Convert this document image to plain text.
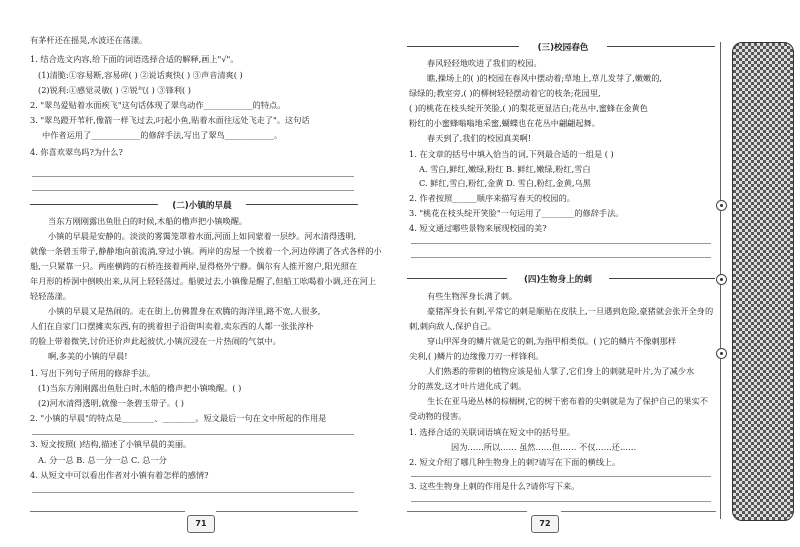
有茅杆还在摇晃,水波还在荡漾。
1. 结合选文内容,给下面的词语选择合适的解释,画上"√"。
(1)清脆:①容易断,容易碎( ) ②说话爽快( ) ③声音清爽( )
(2)锐利:①感觉灵敏( ) ②锐气( ) ③锋利( )
2. "翠鸟爱贴着水面疾飞"这句话体现了翠鸟动作____________的特点。
3. "翠鸟蹬开苇秆,像箭一样飞过去,叼起小鱼,贴着水面往远处飞走了"。这句话
中作者运用了____________的修辞手法,写出了翠鸟____________。
4. 你喜欢翠鸟吗?为什么?
(二)小镇的早晨
当东方刚刚露出鱼肚白的时候,木船的橹声把小镇唤醒。
小镇的早晨是安静的。淡淡的雾霭笼罩着水面,河面上如同蒙着一层纱。河水清得透明,
就像一条碧玉带子,静静地向前流淌,穿过小镇。两岸的房屋一个挨着一个,河边停满了各式各样的小
船,一只紧靠一只。两座横跨的石桥连接着两岸,显得格外宁静。偶尔有人推开窗户,阳光照在
年月形的桥洞中倒映出来,从河上轻轻荡过。船驶过去,小镇像是醒了,但船工吆喝着小调,还在河上
轻轻荡漾。
小镇的早晨又是热闹的。走在街上,仿佛置身在欢腾的海洋里,路不宽,人很多,
人们在自家门口摆摊卖东西,有的挑着担子沿街叫卖着,卖东西的人都一张张淳朴
的脸上带着微笑,讨价还价声此起彼伏,小镇沉浸在一片热闹的气氛中。
啊,多美的小镇的早晨!
1. 写出下列句子所用的修辞手法。
(1)当东方刚刚露出鱼肚白时,木船的橹声把小镇唤醒。( )
(2)河水清得透明,就像一条碧玉带子。( )
2. "小镇的早晨"的特点是________、________。短文最后一句在文中所起的作用是
3. 短文按照( )结构,描述了小镇早晨的美丽。
A. 分一总 B. 总一分一总 C. 总一分
4. 从短文中可以看出作者对小镇有着怎样的感情?
71
(三)校园春色
春风轻轻地吹进了我们的校园。
瞧,操场上的( )的校园在春风中摆动着;草地上,草儿发芽了,嫩嫩的,
绿绿的;教室旁,( )的柳树轻轻摆动着它的枝条;花园里,
( )的桃花在枝头绽开笑脸,( )的梨花更显洁白;花丛中,蜜蜂在金黄色
粉红的小蜜蜂嗡嗡地采蜜,蝴蝶也在花丛中翩翩起舞。
春天到了,我们的校园真美啊!
1. 在文章的括号中填入恰当的词,下列最合适的一组是 ( )
A. 雪白,鲜红,嫩绿,粉红 B. 鲜红,嫩绿,粉红,雪白
C. 鲜红,雪白,粉红,金黄 D. 雪白,粉红,金黄,乌黑
2. 作者按照______顺序来描写春天的校园的。
3. "桃花在枝头绽开笑脸"一句运用了________的修辞手法。
4. 短文通过哪些景物来展现校园的美?
(四)生物身上的刺
有些生物浑身长满了刺。
豪猪浑身长有刺,平常它的刺是顺贴在皮肤上,一旦遇到危险,豪猪就会张开全身的
刺,刺向敌人,保护自己。
穿山甲浑身的鳞片就是它的刺,为指甲相类似。( )它的鳞片不像刺那样
尖利,( )鳞片的边缘像刀刃一样锋利。
人们熟悉的带刺的植物应该是仙人掌了,它们身上的刺就是叶片,为了减少水
分的蒸发,这才叶片进化成了刺。
生长在亚马逊丛林的棕榈树,它的树干密布着的尖刺就是为了保护自己的果实不
受动物的侵害。
1. 选择合适的关联词语填在短文中的括号里。
因为……所以…… 虽然……但…… 不仅……还……
2. 短文介绍了哪几种生物身上的刺?请写在下面的横线上。
3. 这些生物身上刺的作用是什么?请你写下来。
72
